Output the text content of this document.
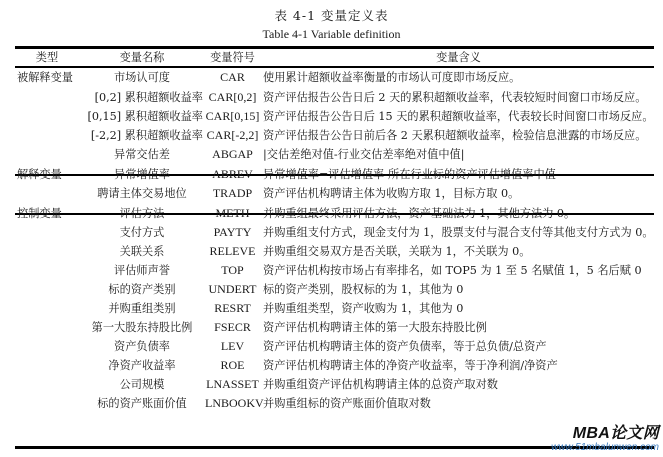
表 4-1 变量定义表
Table 4-1 Variable definition
类型	变量名称	变量符号	变量含义
被解释变量	市场认可度	CAR	使用累计超额收益率衡量的市场认可度即市场反应。
	[0,2] 累积超额收益率	CAR[0,2]	资产评估报告公告日后 2 天的累积超额收益率，代表较短时间窗口市场反应。
	[0,15] 累积超额收益率	CAR[0,15]	资产评估报告公告日后 15 天的累积超额收益率，代表较长时间窗口市场反应。
	[-2,2] 累积超额收益率	CAR[-2,2]	资产评估报告公告日前后各 2 天累积超额收益率，检验信息泄露的市场反应。
	异常交估差	ABGAP	|交估差绝对值-行业交估差率绝对值中值|
解释变量	异常增值率	ABREV	异常增值率=评估增值率-所在行业标的资产评估增值率中值
	聘请主体交易地位	TRADP	资产评估机构聘请主体为收购方取 1，目标方取 0。
控制变量	评估方法	METH	并购重组最终采用评估方法，资产基础法为 1，其他方法为 0。
	支付方式	PAYTY	并购重组支付方式，现金支付为 1，股票支付与混合支付等其他支付方式为 0。
	关联关系	RELEVE	并购重组交易双方是否关联，关联为 1，不关联为 0。
	评估师声誉	TOP	资产评估机构按市场占有率排名，如 TOP5 为 1 至 5 名赋值 1，5 名后赋 0
	标的资产类别	UNDERT	标的资产类别，股权标的为 1，其他为 0
	并购重组类别	RESRT	并购重组类型，资产收购为 1，其他为 0
	第一大股东持股比例	FSECR	资产评估机构聘请主体的第一大股东持股比例
	资产负债率	LEV	资产评估机构聘请主体的资产负债率，等于总负债/总资产
	净资产收益率	ROE	资产评估机构聘请主体的净资产收益率，等于净利润/净资产
	公司规模	LNASSET	并购重组资产评估机构聘请主体的总资产取对数
	标的资产账面价值	LNBOOKV	并购重组标的资产账面价值取对数
MBA论文网
www.51mbalunwen.com
